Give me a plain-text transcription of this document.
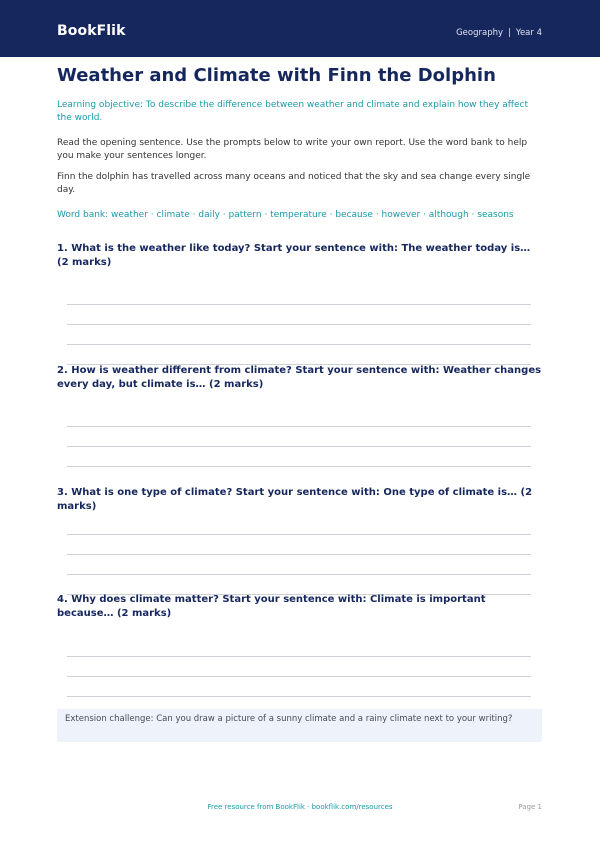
BookFlik	Geography | Year 4
Weather and Climate with Finn the Dolphin
Learning objective: To describe the difference between weather and climate and explain how they affect the world.
Read the opening sentence. Use the prompts below to write your own report. Use the word bank to help you make your sentences longer.
Finn the dolphin has travelled across many oceans and noticed that the sky and sea change every single day.
Word bank: weather · climate · daily · pattern · temperature · because · however · although · seasons
1. What is the weather like today? Start your sentence with: The weather today is… (2 marks)
2. How is weather different from climate? Start your sentence with: Weather changes every day, but climate is… (2 marks)
3. What is one type of climate? Start your sentence with: One type of climate is… (2 marks)
4. Why does climate matter? Start your sentence with: Climate is important because… (2 marks)
Extension challenge: Can you draw a picture of a sunny climate and a rainy climate next to your writing?
Free resource from BookFlik · bookflik.com/resources	Page 1
